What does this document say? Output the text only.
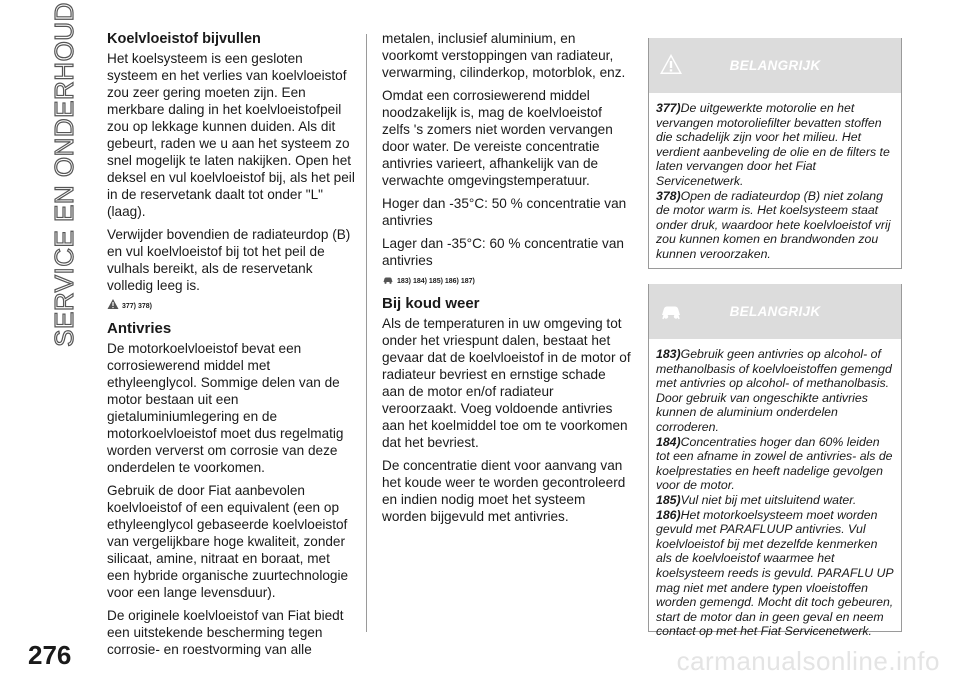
SERVICE EN ONDERHOUD Koelvloeistof bijvullen

Het koelsysteem is een gesloten systeem en het verlies van koelvloeistof zou zeer gering moeten zijn. Een merkbare daling in het koelvloeistofpeil zou op lekkage kunnen duiden. Als dit gebeurt, raden we u aan het systeem zo snel mogelijk te laten nakijken. Open het deksel en vul koelvloeistof bij, als het peil in de reservetank daalt tot onder "L" (laag).

Verwijder bovendien de radiateurdop (B) en vul koelvloeistof bij tot het peil de vulhals bereikt, als de reservetank volledig leeg is.

377) 378)
Antivries

De motorkoelvloeistof bevat een corrosiewerend middel met ethyleenglycol. Sommige delen van de motor bestaan uit een gietaluminiumlegering en de motorkoelvloeistof moet dus regelmatig worden ververst om corrosie van deze onderdelen te voorkomen.

Gebruik de door Fiat aanbevolen koelvloeistof of een equivalent (een op ethyleenglycol gebaseerde koelvloeistof van vergelijkbare hoge kwaliteit, zonder silicaat, amine, nitraat en boraat, met een hybride organische zuurtechnologie voor een lange levensduur).

De originele koelvloeistof van Fiat biedt een uitstekende bescherming tegen corrosie- en roestvorming van alle

metalen, inclusief aluminium, en voorkomt verstoppingen van radiateur, verwarming, cilinderkop, motorblok, enz.

Omdat een corrosiewerend middel noodzakelijk is, mag de koelvloeistof zelfs 's zomers niet worden vervangen door water. De vereiste concentratie antivries varieert, afhankelijk van de verwachte omgevingstemperatuur.

Hoger dan -35°C: 50 % concentratie van antivries

Lager dan -35°C: 60 % concentratie van antivries

183) 184) 185) 186) 187)
Bij koud weer

Als de temperaturen in uw omgeving tot onder het vriespunt dalen, bestaat het gevaar dat de koelvloeistof in de motor of radiateur bevriest en ernstige schade aan de motor en/of radiateur veroorzaakt. Voeg voldoende antivries aan het koelmiddel toe om te voorkomen dat het bevriest.

De concentratie dient voor aanvang van het koude weer te worden gecontroleerd en indien nodig moet het systeem worden bijgevuld met antivries.

BELANGRIJK

377)De uitgewerkte motorolie en het vervangen motoroliefilter bevatten stoffen die schadelijk zijn voor het milieu. Het verdient aanbeveling de olie en de filters te laten vervangen door het Fiat Servicenetwerk.

378)Open de radiateurdop (B) niet zolang de motor warm is. Het koelsysteem staat onder druk, waardoor hete koelvloeistof vrij zou kunnen komen en brandwonden zou kunnen veroorzaken.

BELANGRIJK

183)Gebruik geen antivries op alcohol- of methanolbasis of koelvloeistoffen gemengd met antivries op alcohol- of methanolbasis. Door gebruik van ongeschikte antivries kunnen de aluminium onderdelen corroderen.

184)Concentraties hoger dan 60% leiden tot een afname in zowel de antivries- als de koelprestaties en heeft nadelige gevolgen voor de motor.

185)Vul niet bij met uitsluitend water.

186)Het motorkoelsysteem moet worden gevuld met PARAFLUUP antivries. Vul koelvloeistof bij met dezelfde kenmerken als de koelvloeistof waarmee het koelsysteem reeds is gevuld. PARAFLU UP mag niet met andere typen vloeistoffen worden gemengd. Mocht dit toch gebeuren, start de motor dan in geen geval en neem contact op met het Fiat Servicenetwerk.

276	carmanualsonline.info
